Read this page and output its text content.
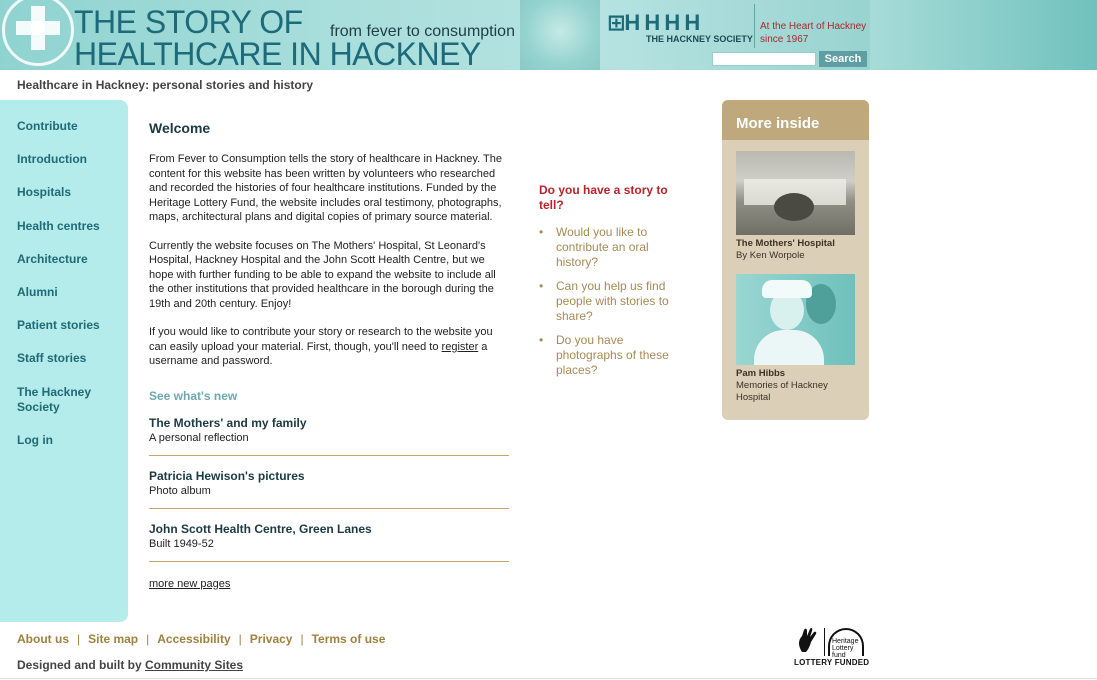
THE STORY OF
HEALTHCARE IN HACKNEY
from fever to consumption	⊞H H H H
THE HACKNEY SOCIETY
At the Heart of Hackney
since 1967
Search
Healthcare in Hackney: personal stories and history
Contribute
Introduction
Hospitals
Health centres
Architecture
Alumni
Patient stories
Staff stories
The Hackney Society
Log in
Welcome

From Fever to Consumption tells the story of healthcare in Hackney. The content for this website has been written by volunteers who researched and recorded the histories of four healthcare institutions. Funded by the Heritage Lottery Fund, the website includes oral testimony, photographs, maps, architectural plans and digital copies of primary source material.

Currently the website focuses on The Mothers' Hospital, St Leonard's Hospital, Hackney Hospital and the John Scott Health Centre, but we hope with further funding to be able to expand the website to include all the other institutions that provided healthcare in the borough during the 19th and 20th century. Enjoy!

If you would like to contribute your story or research to the website you can easily upload your material. First, though, you'll need to register a username and password.

See what's new
The Mothers' and my family
A personal reflection
Patricia Hewison's pictures
Photo album
John Scott Health Centre, Green Lanes
Built 1949-52
more new pages
Do you have a story to tell?
• Would you like to contribute an oral history?
• Can you help us find people with stories to share?
• Do you have photographs of these places?
More inside
The Mothers' Hospital
By Ken Worpole
Pam Hibbs
Memories of Hackney Hospital
About us | Site map | Accessibility | Privacy | Terms of use
Designed and built by Community Sites
Heritage Lottery fund
LOTTERY FUNDED
